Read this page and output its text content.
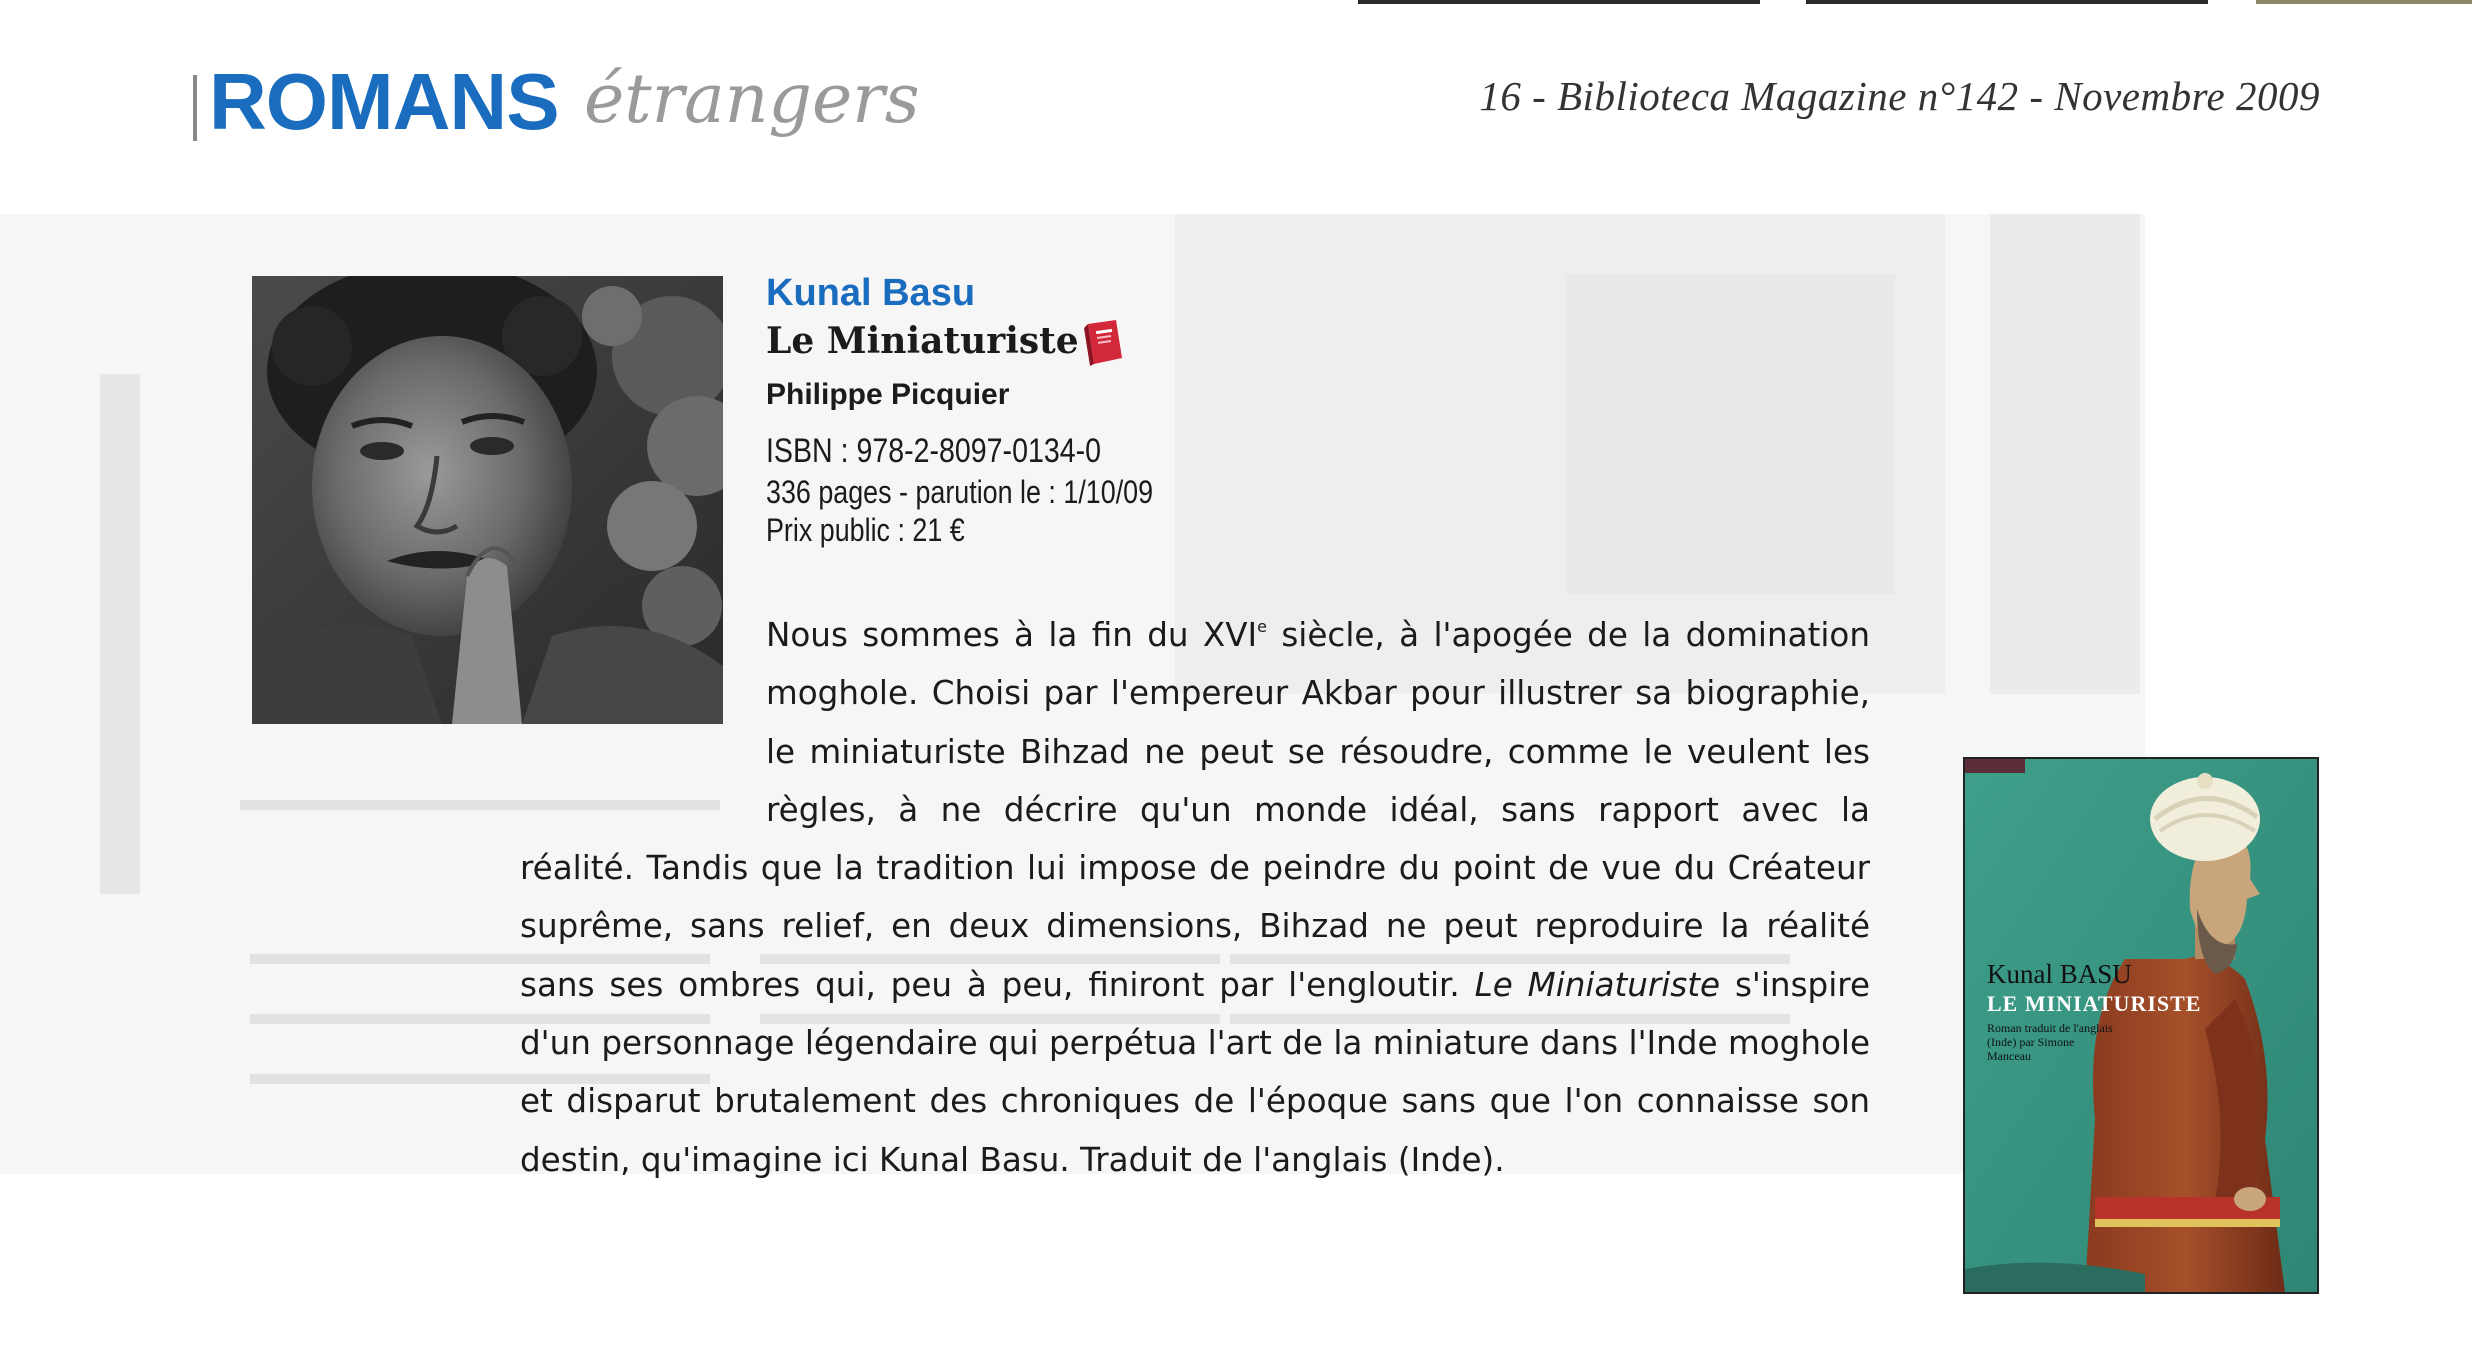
ROMANS étrangers	16 - Biblioteca Magazine n°142 - Novembre 2009
Kunal Basu
Le Miniaturiste
Philippe Picquier
ISBN : 978-2-8097-0134-0
336 pages - parution le : 1/10/09
Prix public : 21 €
Nous sommes à la fin du XVIe siècle, à l'apogée de la domination moghole. Choisi par l'empereur Akbar pour illustrer sa biographie, le miniaturiste Bihzad ne peut se résoudre, comme le veulent les règles, à ne décrire qu'un monde idéal, sans rapport avec la réalité. Tandis que la tradition lui impose de peindre du point de vue du Créateur suprême, sans relief, en deux dimensions, Bihzad ne peut reproduire la réalité sans ses ombres qui, peu à peu, finiront par l'engloutir. Le Miniaturiste s'inspire d'un personnage légendaire qui perpétua l'art de la miniature dans l'Inde moghole et disparut brutalement des chroniques de l'époque sans que l'on connaisse son destin, qu'imagine ici Kunal Basu. Traduit de l'anglais (Inde).
Kunal BASU
LE MINIATURISTE
Roman traduit de l'anglais (Inde) par Simone Manceau
